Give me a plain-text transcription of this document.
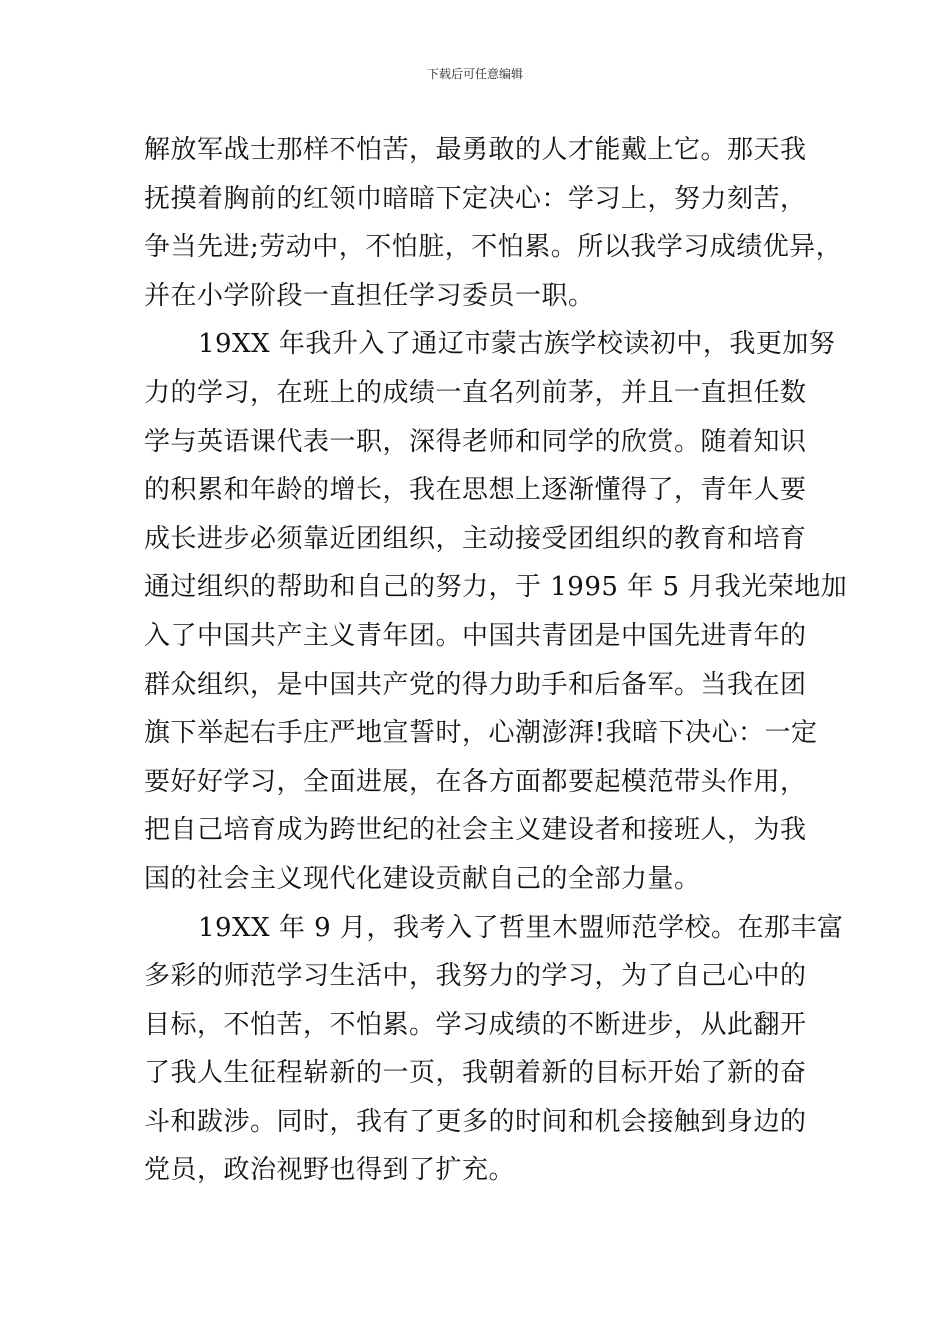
下载后可任意编辑
解放军战士那样不怕苦，最勇敢的人才能戴上它。那天我
抚摸着胸前的红领巾暗暗下定决心：学习上，努力刻苦，
争当先进;劳动中，不怕脏，不怕累。所以我学习成绩优异，
并在小学阶段一直担任学习委员一职。
19XX 年我升入了通辽市蒙古族学校读初中，我更加努
力的学习，在班上的成绩一直名列前茅，并且一直担任数
学与英语课代表一职，深得老师和同学的欣赏。随着知识
的积累和年龄的增长，我在思想上逐渐懂得了，青年人要
成长进步必须靠近团组织，主动接受团组织的教育和培育
通过组织的帮助和自己的努力，于 1995 年 5 月我光荣地加
入了中国共产主义青年团。中国共青团是中国先进青年的
群众组织，是中国共产党的得力助手和后备军。当我在团
旗下举起右手庄严地宣誓时，心潮澎湃!我暗下决心：一定
要好好学习，全面进展，在各方面都要起模范带头作用，
把自己培育成为跨世纪的社会主义建设者和接班人，为我
国的社会主义现代化建设贡献自己的全部力量。
19XX 年 9 月，我考入了哲里木盟师范学校。在那丰富
多彩的师范学习生活中，我努力的学习，为了自己心中的
目标，不怕苦，不怕累。学习成绩的不断进步，从此翻开
了我人生征程崭新的一页，我朝着新的目标开始了新的奋
斗和跋涉。同时，我有了更多的时间和机会接触到身边的
党员，政治视野也得到了扩充。
